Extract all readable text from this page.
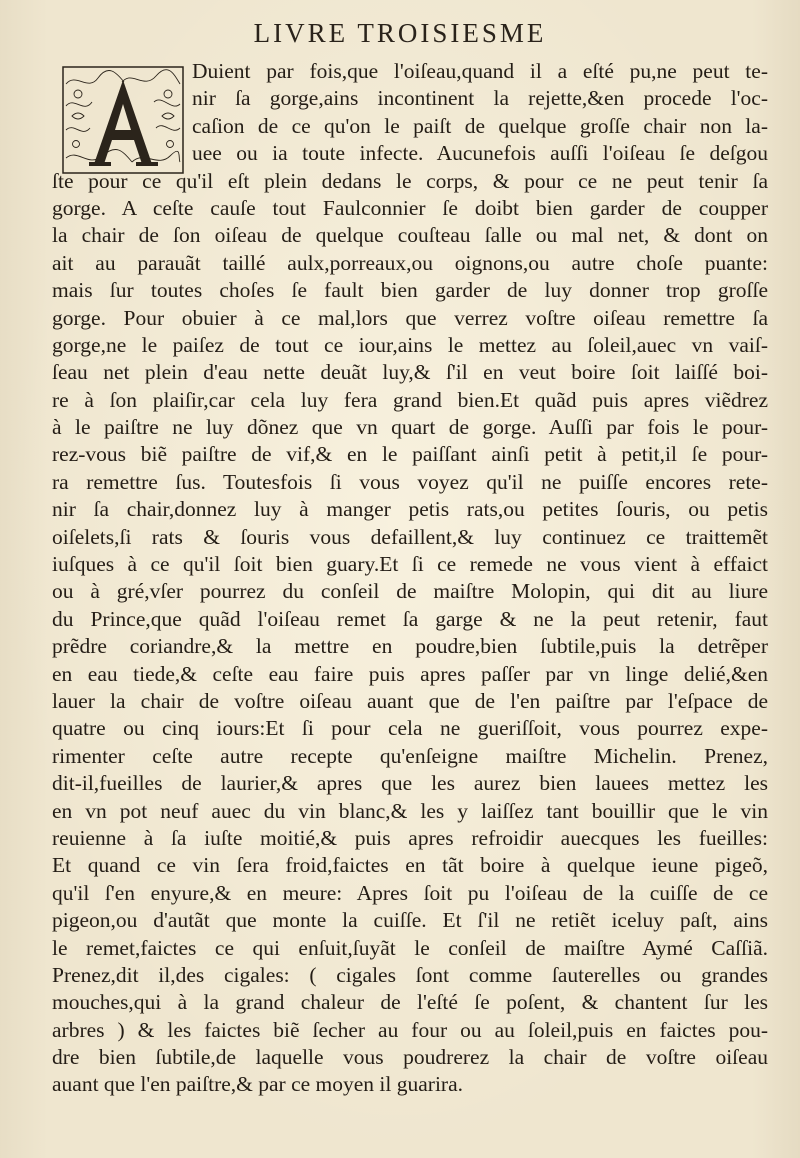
LIVRE TROISIESME
Duient par fois,que l'oiſeau,quand il a eſté pu,ne peut te-
nir ſa gorge,ains incontinent la rejette,&en procede l'oc-
caſion de ce qu'on le paiſt de quelque groſſe chair non la-
uee ou ia toute infecte. Aucunefois auſſi l'oiſeau ſe deſgou
ſte pour ce qu'il eſt plein dedans le corps, & pour ce ne peut tenir ſa
gorge. A ceſte cauſe tout Faulconnier ſe doibt bien garder de coupper
la chair de ſon oiſeau de quelque couſteau ſalle ou mal net, & dont on
ait au parauãt taillé aulx,porreaux,ou oignons,ou autre choſe puante:
mais ſur toutes choſes ſe fault bien garder de luy donner trop groſſe
gorge. Pour obuier à ce mal,lors que verrez voſtre oiſeau remettre ſa
gorge,ne le paiſez de tout ce iour,ains le mettez au ſoleil,auec vn vaiſ-
ſeau net plein d'eau nette deuãt luy,& ſ'il en veut boire ſoit laiſſé boi-
re à ſon plaiſir,car cela luy fera grand bien.Et quãd puis apres viẽdrez
à le paiſtre ne luy dõnez que vn quart de gorge. Auſſi par fois le pour-
rez-vous biẽ paiſtre de vif,& en le paiſſant ainſi petit à petit,il ſe pour-
ra remettre ſus. Toutesfois ſi vous voyez qu'il ne puiſſe encores rete-
nir ſa chair,donnez luy à manger petis rats,ou petites ſouris, ou petis
oiſelets,ſi rats & ſouris vous defaillent,& luy continuez ce traittemẽt
iuſques à ce qu'il ſoit bien guary.Et ſi ce remede ne vous vient à effaict
ou à gré,vſer pourrez du conſeil de maiſtre Molopin, qui dit au liure
du Prince,que quãd l'oiſeau remet ſa garge & ne la peut retenir, faut
prẽdre coriandre,& la mettre en poudre,bien ſubtile,puis la detrẽper
en eau tiede,& ceſte eau faire puis apres paſſer par vn linge delié,&en
lauer la chair de voſtre oiſeau auant que de l'en paiſtre par l'eſpace de
quatre ou cinq iours:Et ſi pour cela ne gueriſſoit, vous pourrez expe-
rimenter ceſte autre recepte qu'enſeigne maiſtre Michelin. Prenez,
dit-il,fueilles de laurier,& apres que les aurez bien lauees mettez les
en vn pot neuf auec du vin blanc,& les y laiſſez tant bouillir que le vin
reuienne à ſa iuſte moitié,& puis apres refroidir auecques les fueilles:
Et quand ce vin ſera froid,faictes en tãt boire à quelque ieune pigeõ,
qu'il ſ'en enyure,& en meure: Apres ſoit pu l'oiſeau de la cuiſſe de ce
pigeon,ou d'autãt que monte la cuiſſe. Et ſ'il ne retiẽt iceluy paſt, ains
le remet,faictes ce qui enſuit,ſuyãt le conſeil de maiſtre Aymé Caſſiã.
Prenez,dit il,des cigales: ( cigales ſont comme ſauterelles ou grandes
mouches,qui à la grand chaleur de l'eſté ſe poſent, & chantent ſur les
arbres ) & les faictes biẽ ſecher au four ou au ſoleil,puis en faictes pou-
dre bien ſubtile,de laquelle vous poudrerez la chair de voſtre oiſeau
auant que l'en paiſtre,& par ce moyen il guarira.
